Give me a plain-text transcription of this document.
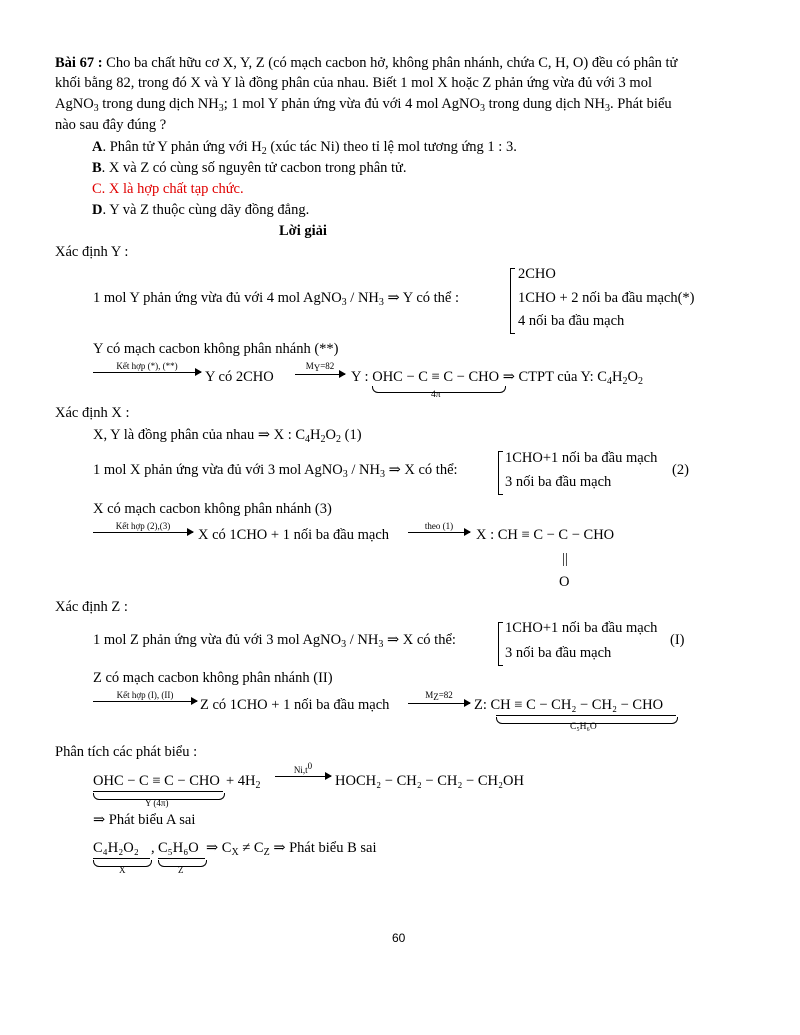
Bài 67 : Cho ba chất hữu cơ X, Y, Z (có mạch cacbon hở, không phân nhánh, chứa C, H, O) đều có phân tử
khối bằng 82, trong đó X và Y là đồng phân của nhau. Biết 1 mol X hoặc Z phản ứng vừa đủ với 3 mol
AgNO$_3$ trong dung dịch $NH_3$; 1 mol Y phản ứng vừa đủ với 4 mol AgNO$_3$ trong dung dịch $NH_3$. Phát biểu
nào sau đây đúng ?
A. Phân tử Y phản ứng với $H_2$ (xúc tác Ni) theo tỉ lệ mol tương ứng 1 : 3.
B. X và Z có cùng số nguyên tử cacbon trong phân tử.
C. X là hợp chất tạp chức.
D. Y và Z thuộc cùng dãy đồng đẳng.
Lời giải
Xác định Y :
1 mol Y phản ứng vừa đủ với 4 mol AgNO$_3$ / $NH_3$ ⇒ Y có thể :
2CHO
1CHO + 2 nối ba đầu mạch(*)
4 nối ba đầu mạch
Y có mạch cacbon không phân nhánh (**)
Kết hợp (*), (**)
Y có 2CHO
MY=82
Y : OHC − C ≡ C − CHO ⇒ CTPT của Y: $C_4H_2O_2$
4π
Xác định X :
X, Y là đồng phân của nhau ⇒ X : $C_4H_2O_2$ (1)
1 mol X phản ứng vừa đủ với 3 mol AgNO$_3$ / $NH_3$ ⇒ X có thể:
1CHO+1 nối ba đầu mạch
3 nối ba đầu mạch
(2)
X có mạch cacbon không phân nhánh (3)
Kết hợp (2),(3)
X có 1CHO + 1 nối ba đầu mạch
theo (1)
X : CH ≡ C − C − CHO
||
O
Xác định Z :
1 mol Z phản ứng vừa đủ với 3 mol AgNO$_3$ / $NH_3$ ⇒ X có thể:
1CHO+1 nối ba đầu mạch
3 nối ba đầu mạch
(I)
Z có mạch cacbon không phân nhánh (II)
Kết hợp (I), (II)
Z có 1CHO + 1 nối ba đầu mạch
MZ=82
Z: CH ≡ C − CH₂ − CH₂ − CHO
C₅H₆O
Phân tích các phát biểu :
OHC − C ≡ C − CHO
Y (4π)
+ $4H_2$
$Ni,t^0$
HOCH₂ − CH₂ − CH₂ − CH₂OH
⇒ Phát biểu A sai
C₄H₂O₂
X
, C₅H₆O
Z
⇒ $C_X \ne C_Z$ ⇒ Phát biểu B sai
60
